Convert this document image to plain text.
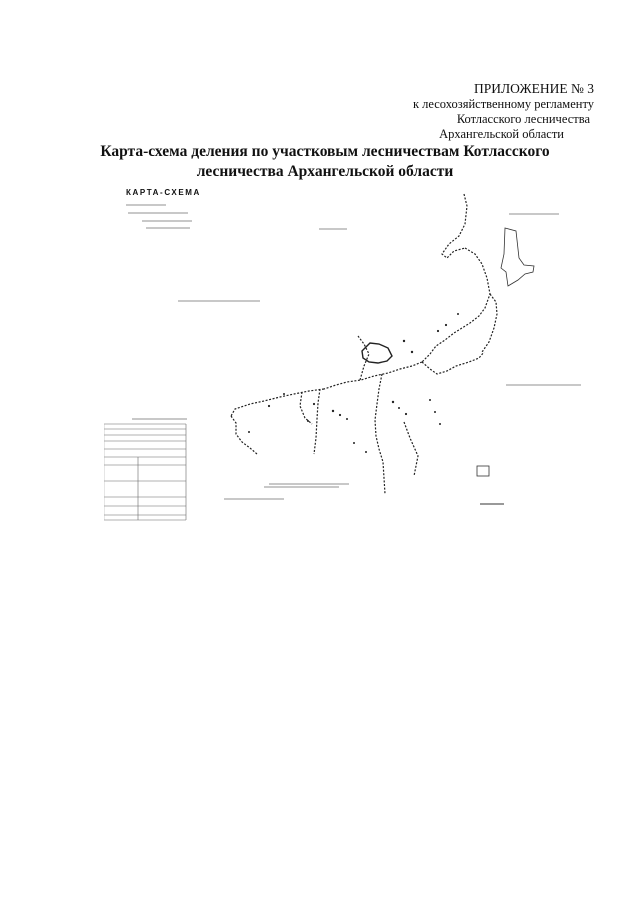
ПРИЛОЖЕНИЕ № 3
к лесохозяйственному регламенту
Котласского лесничества
Архангельской области
Карта-схема деления по участковым лесничествам Котласского
лесничества Архангельской области
КАРТА-СХЕМА
